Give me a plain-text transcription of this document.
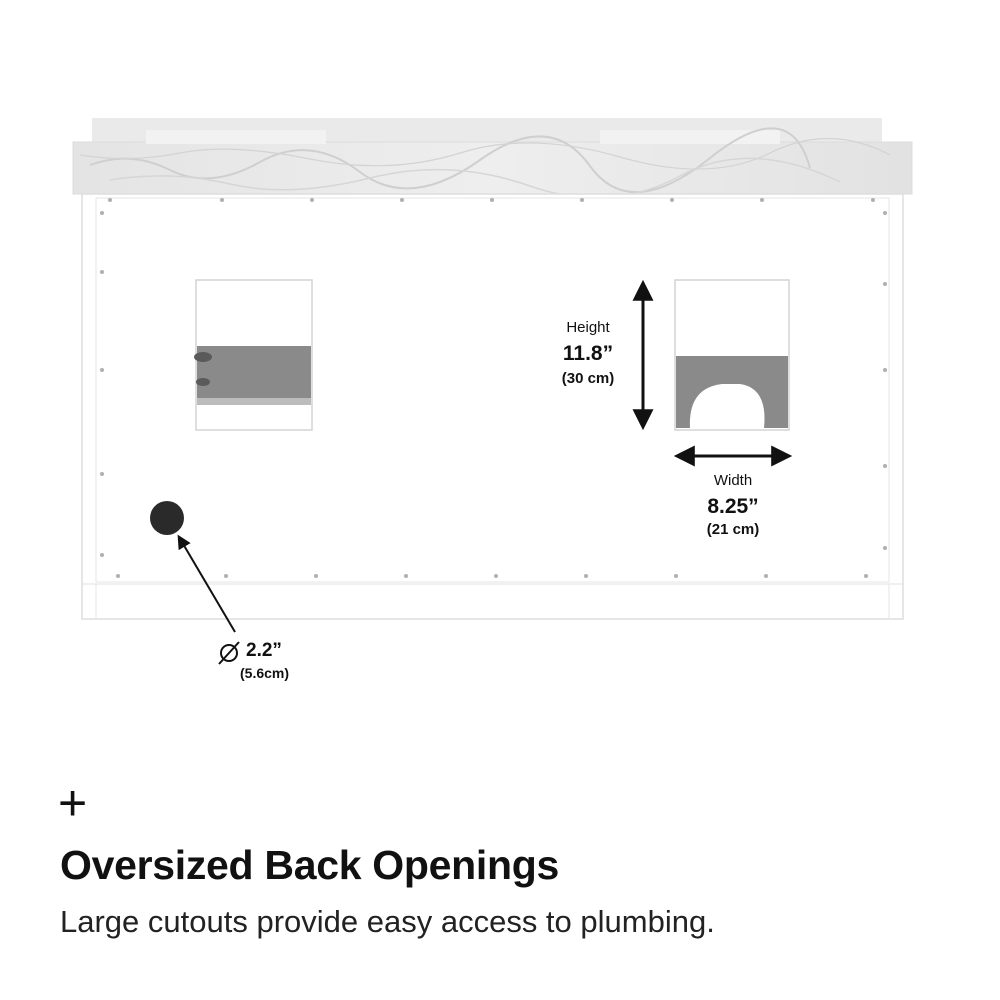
Height
11.8”
(30 cm)
Width
8.25”
(21 cm)
2.2”
(5.6cm)
+
Oversized Back Openings
Large cutouts provide easy access to plumbing.
